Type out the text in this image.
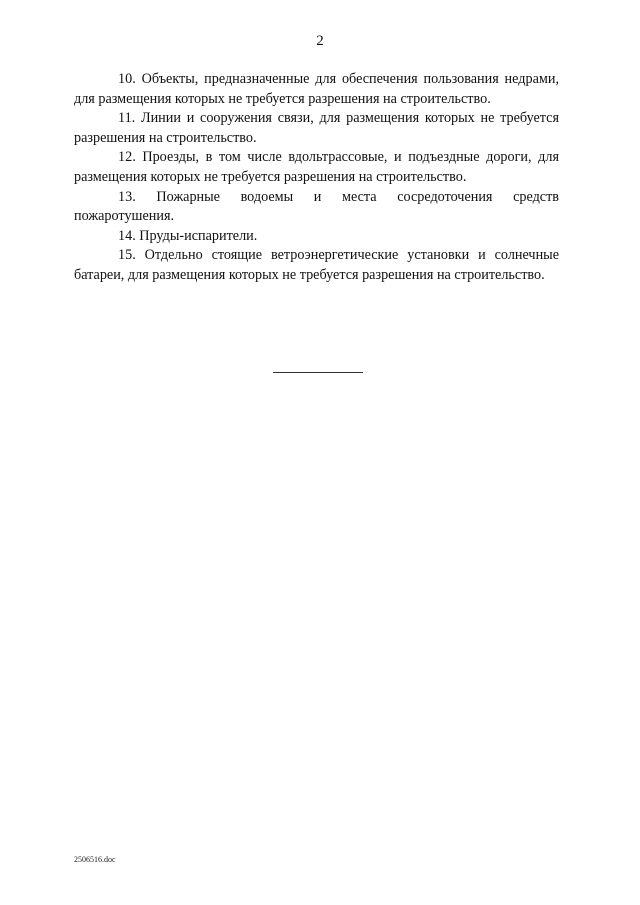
2

10. Объекты, предназначенные для обеспечения пользования недрами, для размещения которых не требуется разрешения на строительство.

11. Линии и сооружения связи, для размещения которых не требуется разрешения на строительство.

12. Проезды, в том числе вдольтрассовые, и подъездные дороги, для размещения которых не требуется разрешения на строительство.

13. Пожарные водоемы и места сосредоточения средств пожаротушения.

14. Пруды-испарители.

15. Отдельно стоящие ветроэнергетические установки и солнечные батареи, для размещения которых не требуется разрешения на строительство.

2506516.doc
